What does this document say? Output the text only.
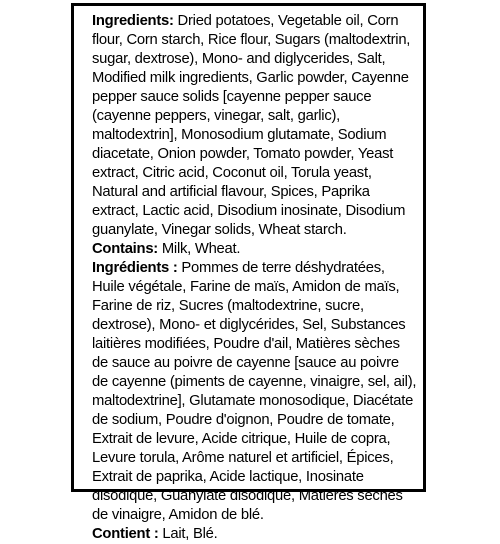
Ingredients: Dried potatoes, Vegetable oil, Corn flour, Corn starch, Rice flour, Sugars (maltodextrin, sugar, dextrose), Mono- and diglycerides, Salt, Modified milk ingredients, Garlic powder, Cayenne pepper sauce solids [cayenne pepper sauce (cayenne peppers, vinegar, salt, garlic), maltodextrin], Monosodium glutamate, Sodium diacetate, Onion powder, Tomato powder, Yeast extract, Citric acid, Coconut oil, Torula yeast, Natural and artificial flavour, Spices, Paprika extract, Lactic acid, Disodium inosinate, Disodium guanylate, Vinegar solids, Wheat starch.

Contains: Milk, Wheat.

Ingrédients : Pommes de terre déshydratées, Huile végétale, Farine de maïs, Amidon de maïs, Farine de riz, Sucres (maltodextrine, sucre, dextrose), Mono- et diglycérides, Sel, Substances laitières modifiées, Poudre d'ail, Matières sèches de sauce au poivre de cayenne [sauce au poivre de cayenne (piments de cayenne, vinaigre, sel, ail), maltodextrine], Glutamate monosodique, Diacétate de sodium, Poudre d'oignon, Poudre de tomate, Extrait de levure, Acide citrique, Huile de copra, Levure torula, Arôme naturel et artificiel, Épices, Extrait de paprika, Acide lactique, Inosinate disodique, Guanylate disodique, Matières sèches de vinaigre, Amidon de blé.

Contient : Lait, Blé.
